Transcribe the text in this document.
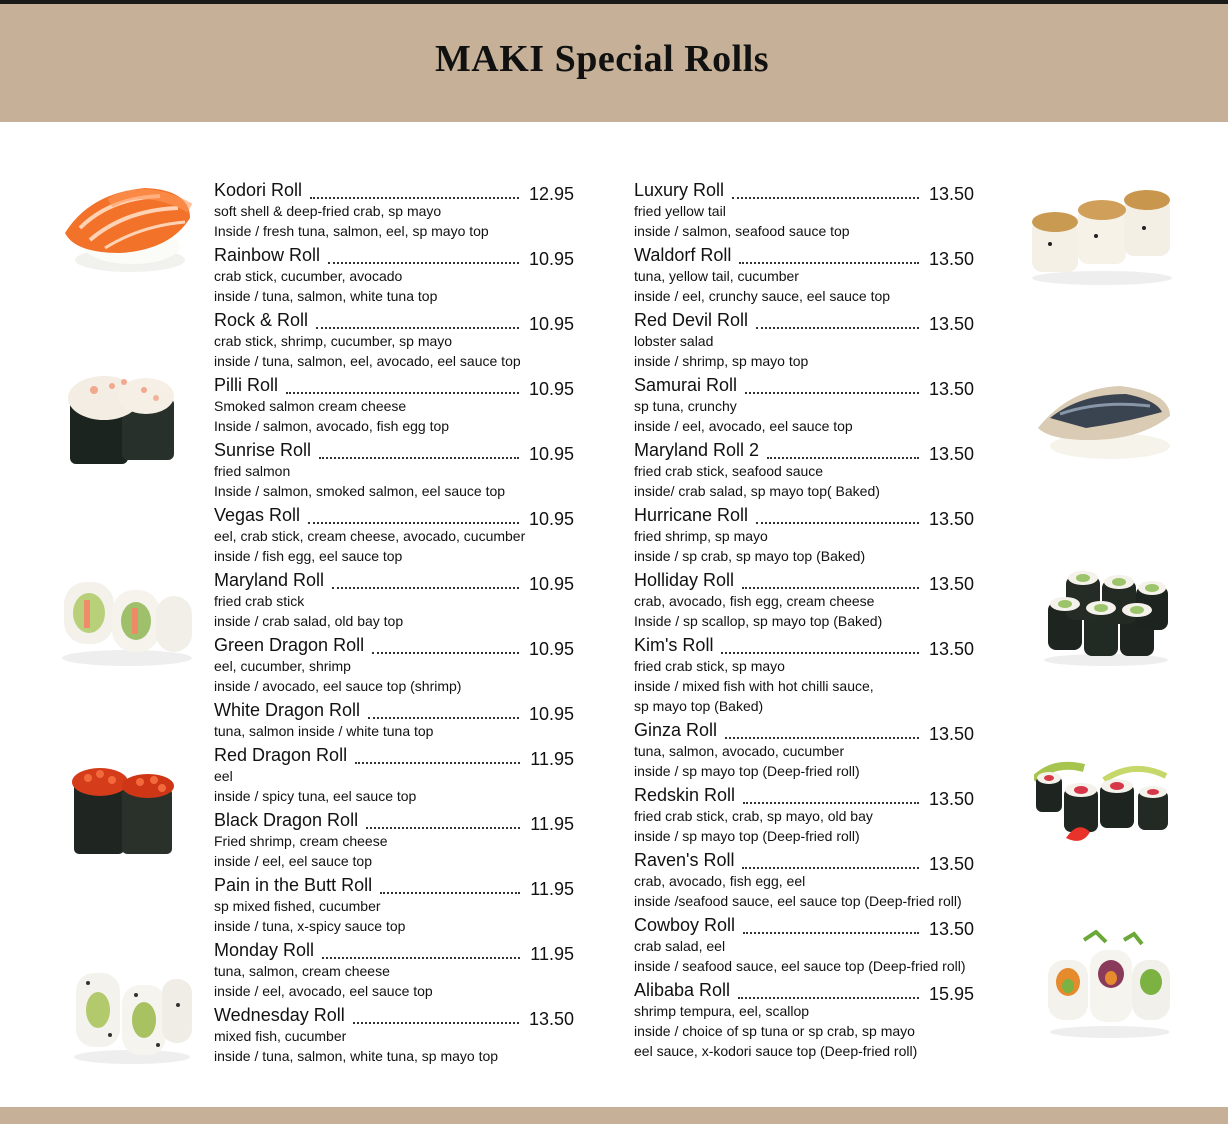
MAKI Special Rolls
Kodori Roll	12.95
soft shell & deep-fried crab, sp mayo
Inside / fresh tuna, salmon, eel, sp mayo top
Rainbow Roll	10.95
crab stick, cucumber, avocado
inside / tuna, salmon, white tuna top
Rock & Roll	10.95
crab stick, shrimp, cucumber, sp mayo
inside / tuna, salmon, eel, avocado, eel sauce top
Pilli Roll	10.95
Smoked salmon cream cheese
Inside / salmon, avocado, fish egg top
Sunrise Roll	10.95
fried salmon
Inside / salmon, smoked salmon, eel sauce top
Vegas Roll	10.95
eel, crab stick, cream cheese, avocado, cucumber
inside / fish egg, eel sauce top
Maryland Roll	10.95
fried crab stick
inside / crab salad, old bay top
Green Dragon Roll	10.95
eel, cucumber, shrimp
inside / avocado, eel sauce top (shrimp)
White Dragon Roll	10.95
tuna, salmon inside / white tuna top
Red Dragon Roll	11.95
eel
inside / spicy tuna, eel sauce top
Black Dragon Roll	11.95
Fried shrimp, cream cheese
inside / eel, eel sauce top
Pain in the Butt Roll	11.95
sp mixed fished, cucumber
inside / tuna, x-spicy sauce top
Monday Roll	11.95
tuna, salmon, cream cheese
inside / eel, avocado, eel sauce top
Wednesday Roll	13.50
mixed fish, cucumber
inside / tuna, salmon, white tuna, sp mayo top
Luxury Roll	13.50
fried yellow tail
inside / salmon, seafood sauce top
Waldorf Roll	13.50
tuna, yellow tail, cucumber
inside / eel, crunchy sauce, eel sauce top
Red Devil Roll	13.50
lobster salad
inside / shrimp, sp mayo top
Samurai Roll	13.50
sp tuna, crunchy
inside / eel, avocado, eel sauce top
Maryland Roll 2	13.50
fried crab stick, seafood sauce
inside/ crab salad, sp mayo top( Baked)
Hurricane Roll	13.50
fried shrimp, sp mayo
inside / sp crab, sp mayo top (Baked)
Holliday Roll	13.50
crab, avocado, fish egg, cream cheese
Inside / sp scallop, sp mayo top (Baked)
Kim's Roll	13.50
fried crab stick, sp mayo
inside / mixed fish with hot chilli sauce,
sp mayo top (Baked)
Ginza Roll	13.50
tuna, salmon, avocado, cucumber
inside / sp mayo top (Deep-fried roll)
Redskin Roll	13.50
fried crab stick, crab, sp mayo, old bay
inside / sp mayo top (Deep-fried roll)
Raven's Roll	13.50
crab, avocado, fish egg, eel
inside /seafood sauce, eel sauce top (Deep-fried roll)
Cowboy Roll	13.50
crab salad, eel
inside / seafood sauce, eel sauce top (Deep-fried roll)
Alibaba Roll	15.95
shrimp tempura, eel, scallop
inside / choice of sp tuna or sp crab, sp mayo
eel sauce, x-kodori sauce top (Deep-fried roll)
